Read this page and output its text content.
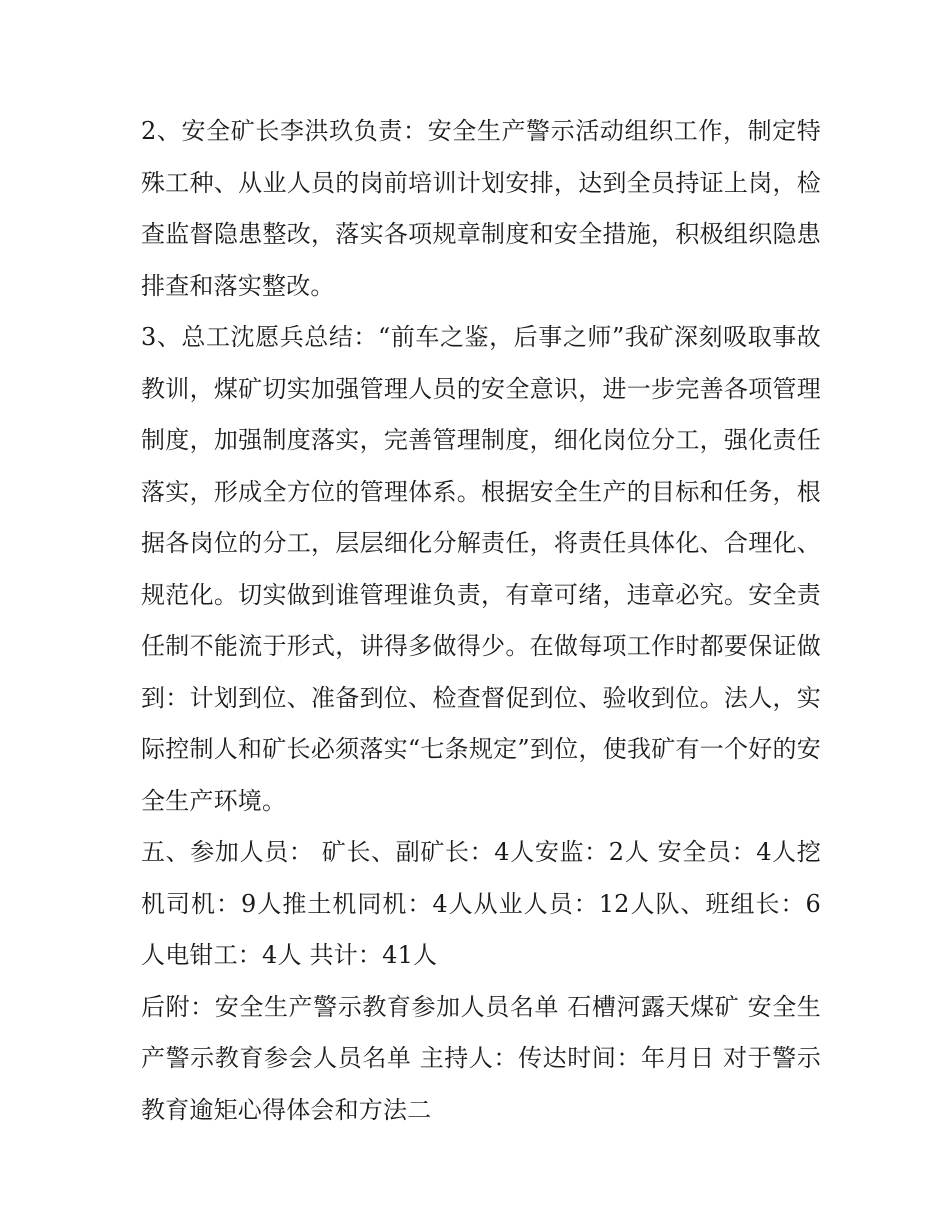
2、安全矿长李洪玖负责：安全生产警示活动组织工作，制定特殊工种、从业人员的岗前培训计划安排，达到全员持证上岗，检查监督隐患整改，落实各项规章制度和安全措施，积极组织隐患排查和落实整改。

3、总工沈愿兵总结：“前车之鉴，后事之师”我矿深刻吸取事故教训，煤矿切实加强管理人员的安全意识，进一步完善各项管理制度，加强制度落实，完善管理制度，细化岗位分工，强化责任落实，形成全方位的管理体系。根据安全生产的目标和任务，根据各岗位的分工，层层细化分解责任，将责任具体化、合理化、规范化。切实做到谁管理谁负责，有章可绪，违章必究。安全责任制不能流于形式，讲得多做得少。在做每项工作时都要保证做到：计划到位、准备到位、检查督促到位、验收到位。法人，实际控制人和矿长必须落实“七条规定”到位，使我矿有一个好的安全生产环境。

五、参加人员： 矿长、副矿长：4人安监：2人 安全员：4人挖机司机：9人推土机同机：4人从业人员：12人队、班组长：6人电钳工：4人 共计：41人

后附：安全生产警示教育参加人员名单 石槽河露天煤矿 安全生产警示教育参会人员名单 主持人：传达时间：年月日 对于警示教育逾矩心得体会和方法二
